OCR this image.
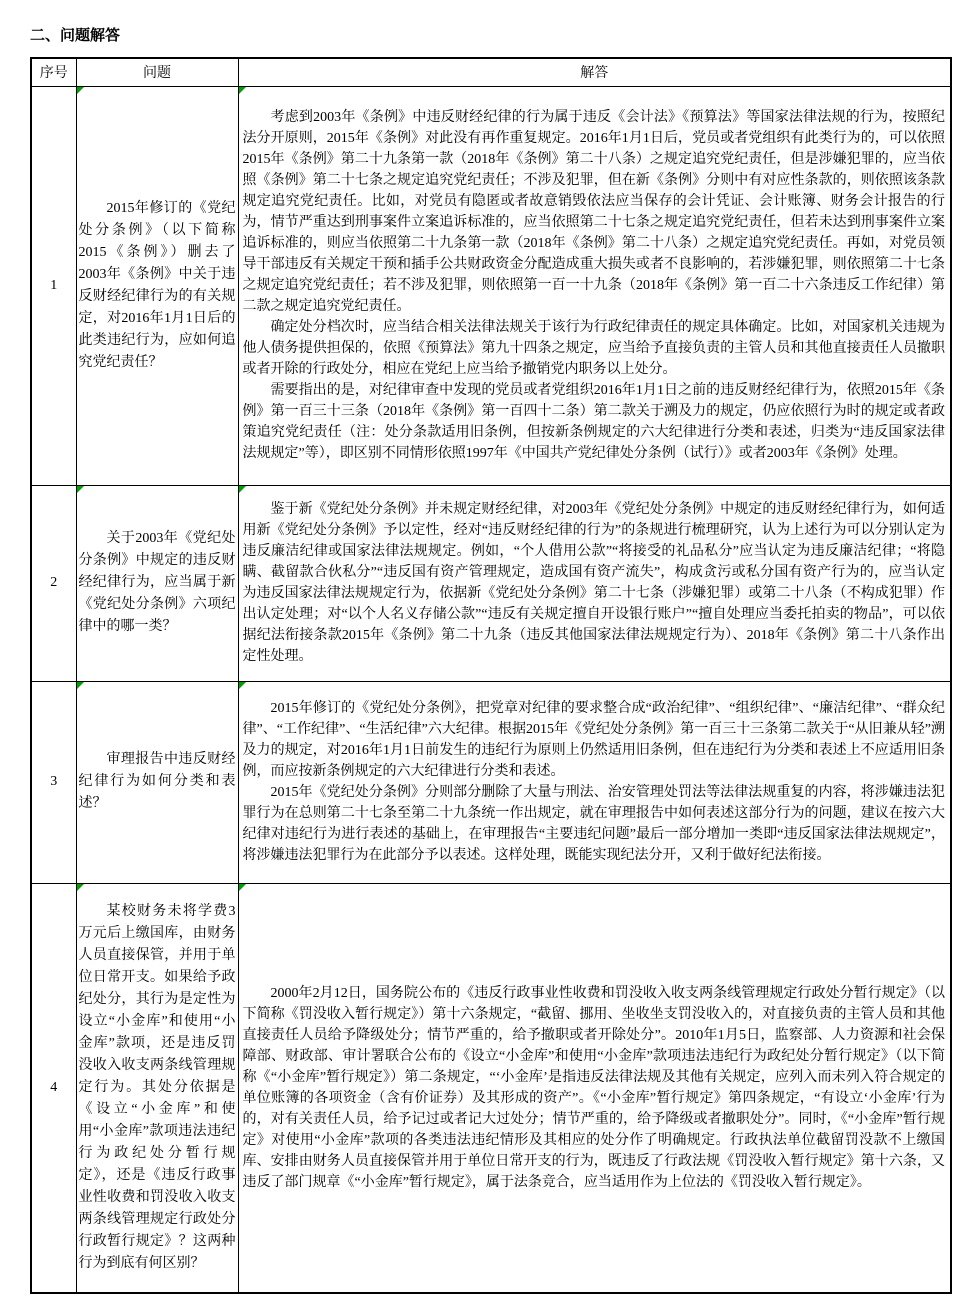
二、问题解答
序号	问题	解答
1	2015年修订的《党纪处分条例》（以下简称2015《条例》）删去了2003年《条例》中关于违反财经纪律行为的有关规定，对2016年1月1日后的此类违纪行为，应如何追究党纪责任？	考虑到2003年《条例》中违反财经纪律的行为属于违反《会计法》《预算法》等国家法律法规的行为，按照纪法分开原则，2015年《条例》对此没有再作重复规定。2016年1月1日后，党员或者党组织有此类行为的，可以依照2015年《条例》第二十九条第一款（2018年《条例》第二十八条）之规定追究党纪责任，但是涉嫌犯罪的，应当依照《条例》第二十七条之规定追究党纪责任；不涉及犯罪，但在新《条例》分则中有对应性条款的，则依照该条款规定追究党纪责任。比如，对党员有隐匿或者故意销毁依法应当保存的会计凭证、会计账簿、财务会计报告的行为，情节严重达到刑事案件立案追诉标准的，应当依照第二十七条之规定追究党纪责任，但若未达到刑事案件立案追诉标准的，则应当依照第二十九条第一款（2018年《条例》第二十八条）之规定追究党纪责任。再如，对党员领导干部违反有关规定干预和插手公共财政资金分配造成重大损失或者不良影响的，若涉嫌犯罪，则依照第二十七条之规定追究党纪责任；若不涉及犯罪，则依照第一百一十九条（2018年《条例》第一百二十六条违反工作纪律）第二款之规定追究党纪责任。

确定处分档次时，应当结合相关法律法规关于该行为行政纪律责任的规定具体确定。比如，对国家机关违规为他人债务提供担保的，依照《预算法》第九十四条之规定，应当给予直接负责的主管人员和其他直接责任人员撤职或者开除的行政处分，相应在党纪上应当给予撤销党内职务以上处分。

需要指出的是，对纪律审查中发现的党员或者党组织2016年1月1日之前的违反财经纪律行为，依照2015年《条例》第一百三十三条（2018年《条例》第一百四十二条）第二款关于溯及力的规定，仍应依照行为时的规定或者政策追究党纪责任（注：处分条款适用旧条例，但按新条例规定的六大纪律进行分类和表述，归类为“违反国家法律法规规定”等），即区别不同情形依照1997年《中国共产党纪律处分条例（试行）》或者2003年《条例》处理。

2	关于2003年《党纪处分条例》中规定的违反财经纪律行为，应当属于新《党纪处分条例》六项纪律中的哪一类？	鉴于新《党纪处分条例》并未规定财经纪律，对2003年《党纪处分条例》中规定的违反财经纪律行为，如何适用新《党纪处分条例》予以定性，经对“违反财经纪律的行为”的条规进行梳理研究，认为上述行为可以分别认定为违反廉洁纪律或国家法律法规规定。例如，“个人借用公款”“将接受的礼品私分”应当认定为违反廉洁纪律；“将隐瞒、截留款合伙私分”“违反国有资产管理规定，造成国有资产流失”，构成贪污或私分国有资产行为的，应当认定为违反国家法律法规规定行为，依据新《党纪处分条例》第二十七条（涉嫌犯罪）或第二十八条（不构成犯罪）作出认定处理；对“以个人名义存储公款”“违反有关规定擅自开设银行账户”“擅自处理应当委托拍卖的物品”，可以依据纪法衔接条款2015年《条例》第二十九条（违反其他国家法律法规规定行为）、2018年《条例》第二十八条作出定性处理。

3	审理报告中违反财经纪律行为如何分类和表述？	2015年修订的《党纪处分条例》，把党章对纪律的要求整合成“政治纪律”、“组织纪律”、“廉洁纪律”、“群众纪律”、“工作纪律”、“生活纪律”六大纪律。根据2015年《党纪处分条例》第一百三十三条第二款关于“从旧兼从轻”溯及力的规定，对2016年1月1日前发生的违纪行为原则上仍然适用旧条例，但在违纪行为分类和表述上不应适用旧条例，而应按新条例规定的六大纪律进行分类和表述。

2015年《党纪处分条例》分则部分删除了大量与刑法、治安管理处罚法等法律法规重复的内容，将涉嫌违法犯罪行为在总则第二十七条至第二十九条统一作出规定，就在审理报告中如何表述这部分行为的问题，建议在按六大纪律对违纪行为进行表述的基础上，在审理报告“主要违纪问题”最后一部分增加一类即“违反国家法律法规规定”，将涉嫌违法犯罪行为在此部分予以表述。这样处理，既能实现纪法分开，又利于做好纪法衔接。

4	某校财务未将学费3万元后上缴国库，由财务人员直接保管，并用于单位日常开支。如果给予政纪处分，其行为是定性为设立“小金库”和使用“小金库”款项，还是违反罚没收入收支两条线管理规定行为。其处分依据是《设立“小金库”和使用“小金库”款项违法违纪行为政纪处分暂行规定》，还是《违反行政事业性收费和罚没收入收支两条线管理规定行政处分行政暂行规定》？这两种行为到底有何区别？	2000年2月12日，国务院公布的《违反行政事业性收费和罚没收入收支两条线管理规定行政处分暂行规定》（以下简称《罚没收入暂行规定》）第十六条规定，“截留、挪用、坐收坐支罚没收入的，对直接负责的主管人员和其他直接责任人员给予降级处分；情节严重的，给予撤职或者开除处分”。2010年1月5日，监察部、人力资源和社会保障部、财政部、审计署联合公布的《设立“小金库”和使用“小金库”款项违法违纪行为政纪处分暂行规定》（以下简称《“小金库”暂行规定》）第二条规定，“‘小金库’是指违反法律法规及其他有关规定，应列入而未列入符合规定的单位账簿的各项资金（含有价证券）及其形成的资产”。《“小金库”暂行规定》第四条规定，“有设立‘小金库’行为的，对有关责任人员，给予记过或者记大过处分；情节严重的，给予降级或者撤职处分”。同时，《“小金库”暂行规定》对使用“小金库”款项的各类违法违纪情形及其相应的处分作了明确规定。行政执法单位截留罚没款不上缴国库、安排由财务人员直接保管并用于单位日常开支的行为，既违反了行政法规《罚没收入暂行规定》第十六条，又违反了部门规章《“小金库”暂行规定》，属于法条竞合，应当适用作为上位法的《罚没收入暂行规定》。
